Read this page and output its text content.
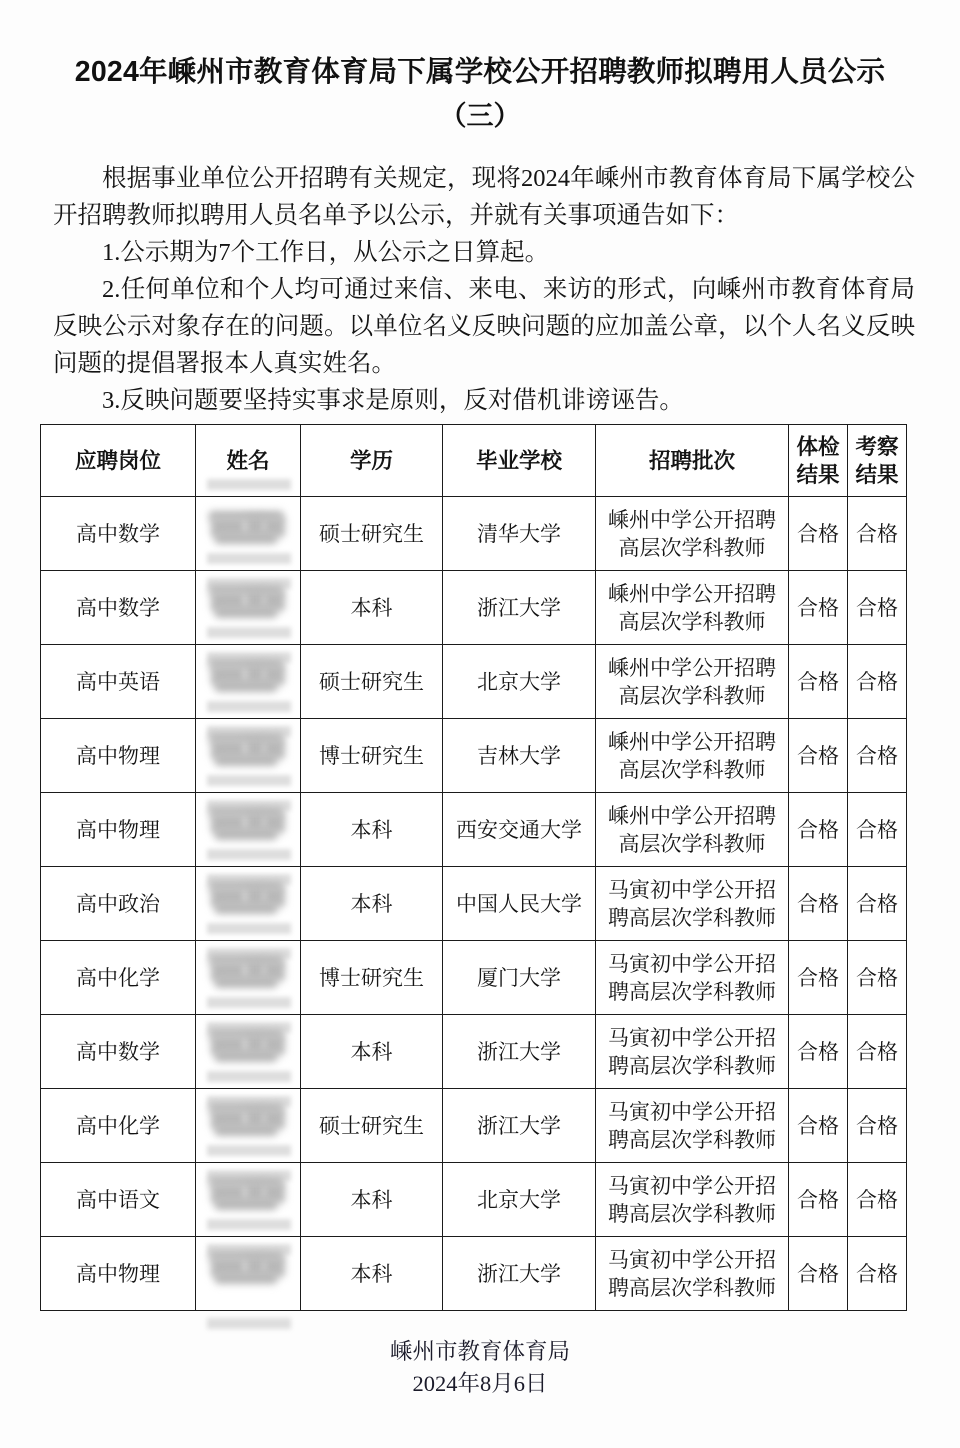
2024年嵊州市教育体育局下属学校公开招聘教师拟聘用人员公示
（三）

根据事业单位公开招聘有关规定，现将2024年嵊州市教育体育局下属学校公开招聘教师拟聘用人员名单予以公示，并就有关事项通告如下：

1.公示期为7个工作日，从公示之日算起。

2.任何单位和个人均可通过来信、来电、来访的形式，向嵊州市教育体育局反映公示对象存在的问题。以单位名义反映问题的应加盖公章，以个人名义反映问题的提倡署报本人真实姓名。

3.反映问题要坚持实事求是原则，反对借机诽谤诬告。

应聘岗位	姓名	学历	毕业学校	招聘批次	体检结果	考察结果
高中数学		硕士研究生	清华大学	嵊州中学公开招聘高层次学科教师	合格	合格
高中数学		本科	浙江大学	嵊州中学公开招聘高层次学科教师	合格	合格
高中英语		硕士研究生	北京大学	嵊州中学公开招聘高层次学科教师	合格	合格
高中物理		博士研究生	吉林大学	嵊州中学公开招聘高层次学科教师	合格	合格
高中物理		本科	西安交通大学	嵊州中学公开招聘高层次学科教师	合格	合格
高中政治		本科	中国人民大学	马寅初中学公开招聘高层次学科教师	合格	合格
高中化学		博士研究生	厦门大学	马寅初中学公开招聘高层次学科教师	合格	合格
高中数学		本科	浙江大学	马寅初中学公开招聘高层次学科教师	合格	合格
高中化学		硕士研究生	浙江大学	马寅初中学公开招聘高层次学科教师	合格	合格
高中语文		本科	北京大学	马寅初中学公开招聘高层次学科教师	合格	合格
高中物理		本科	浙江大学	马寅初中学公开招聘高层次学科教师	合格	合格
嵊州市教育体育局
2024年8月6日
